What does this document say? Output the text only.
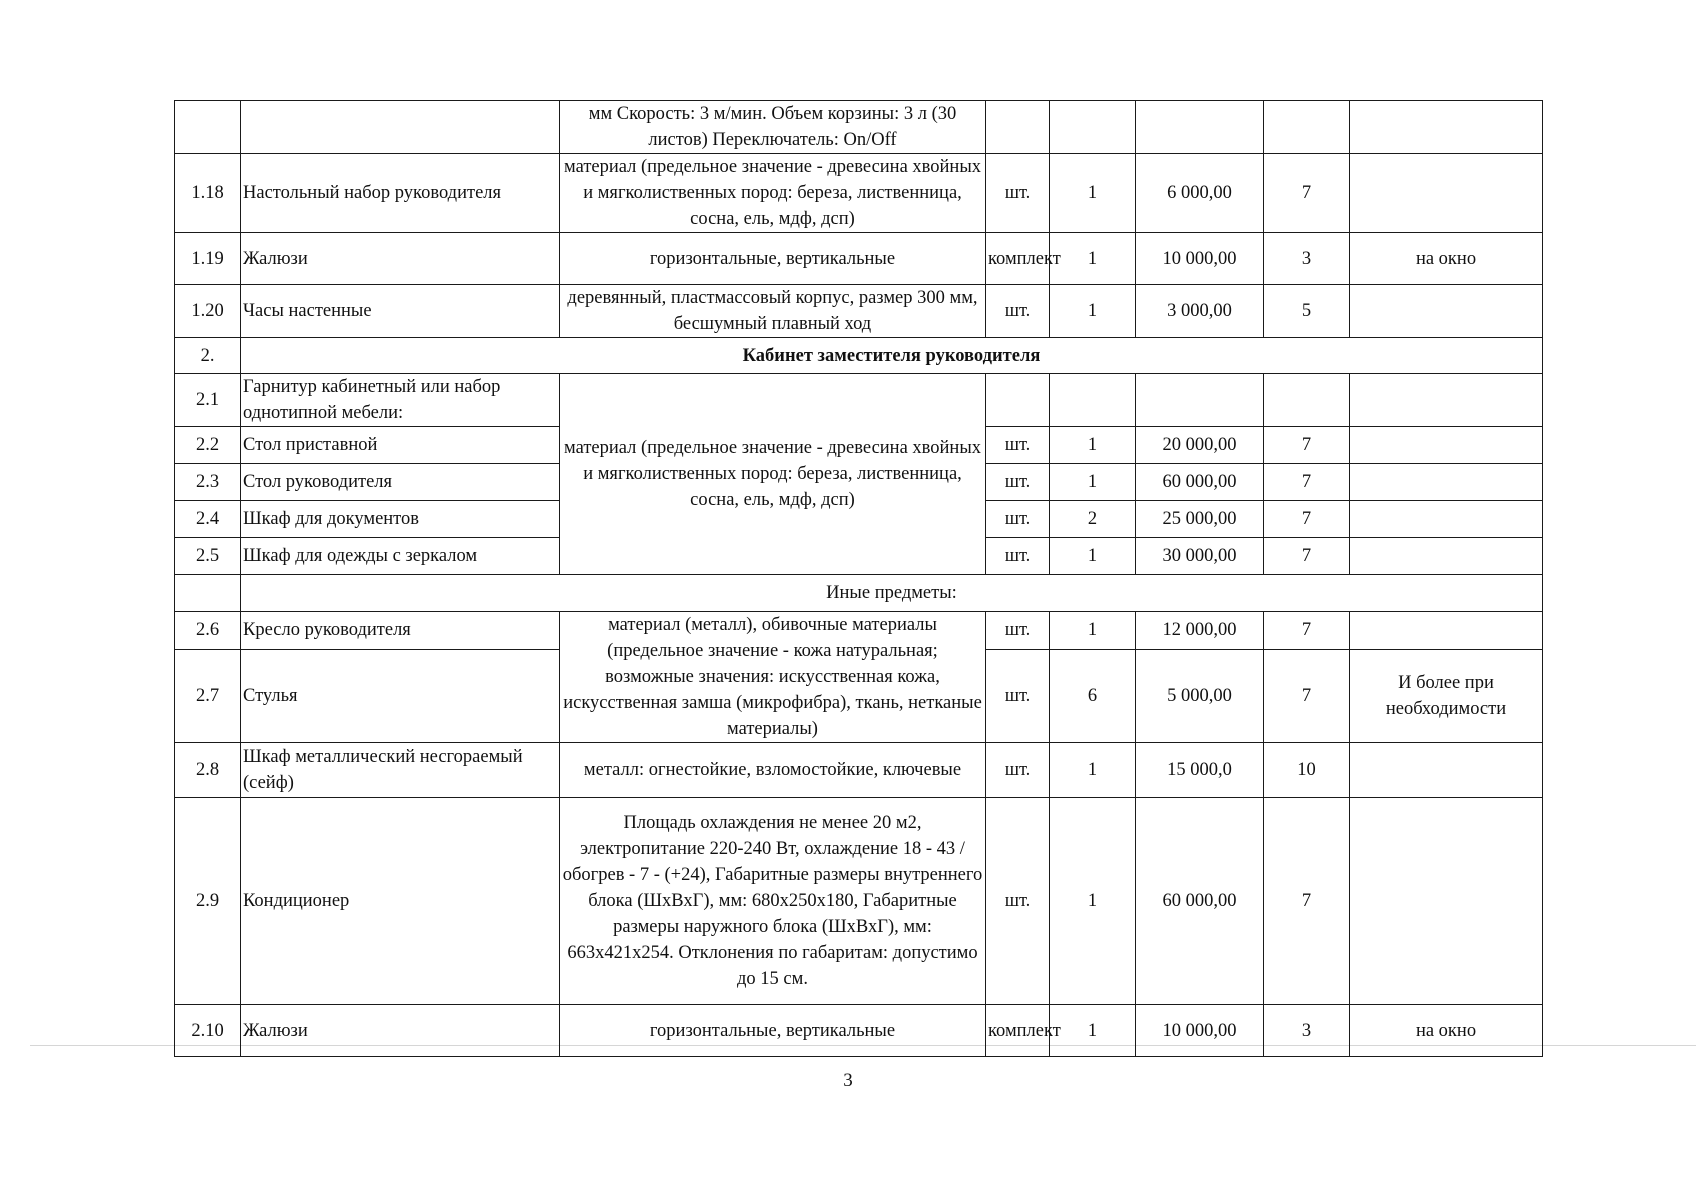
		мм Скорость: 3 м/мин. Объем корзины: 3 л (30 листов) Переключатель: On/Off					
1.18	Настольный набор руководителя	материал (предельное значение - древесина хвойных и мягколиственных пород: береза, лиственница, сосна, ель, мдф, дсп)	шт.	1	6 000,00	7	
1.19	Жалюзи	горизонтальные, вертикальные	комплект	1	10 000,00	3	на окно
1.20	Часы настенные	деревянный, пластмассовый корпус, размер 300 мм, бесшумный плавный ход	шт.	1	3 000,00	5	
2.	Кабинет заместителя руководителя						
2.1	Гарнитур кабинетный или набор однотипной мебели:	материал (предельное значение - древесина хвойных и мягколиственных пород: береза, лиственница, сосна, ель, мдф, дсп)					
2.2	Стол приставной		шт.	1	20 000,00	7	
2.3	Стол руководителя		шт.	1	60 000,00	7	
2.4	Шкаф для документов		шт.	2	25 000,00	7	
2.5	Шкаф для одежды с зеркалом		шт.	1	30 000,00	7	
	Иные предметы:						
2.6	Кресло руководителя	материал (металл), обивочные материалы (предельное значение - кожа натуральная; возможные значения: искусственная кожа, искусственная замша (микрофибра), ткань, нетканые материалы)	шт.	1	12 000,00	7	
2.7	Стулья		шт.	6	5 000,00	7	И более при необходимости
2.8	Шкаф металлический несгораемый (сейф)	металл: огнестойкие, взломостойкие, ключевые	шт.	1	15 000,0	10	
2.9	Кондиционер	Площадь охлаждения не менее 20 м2, электропитание 220-240 Вт, охлаждение 18 - 43 / обогрев - 7 - (+24), Габаритные размеры внутреннего блока (ШхВхГ), мм: 680х250х180, Габаритные размеры наружного блока (ШхВхГ), мм: 663х421х254. Отклонения по габаритам: допустимо до 15 см.	шт.	1	60 000,00	7	
2.10	Жалюзи	горизонтальные, вертикальные	комплект	1	10 000,00	3	на окно
3
